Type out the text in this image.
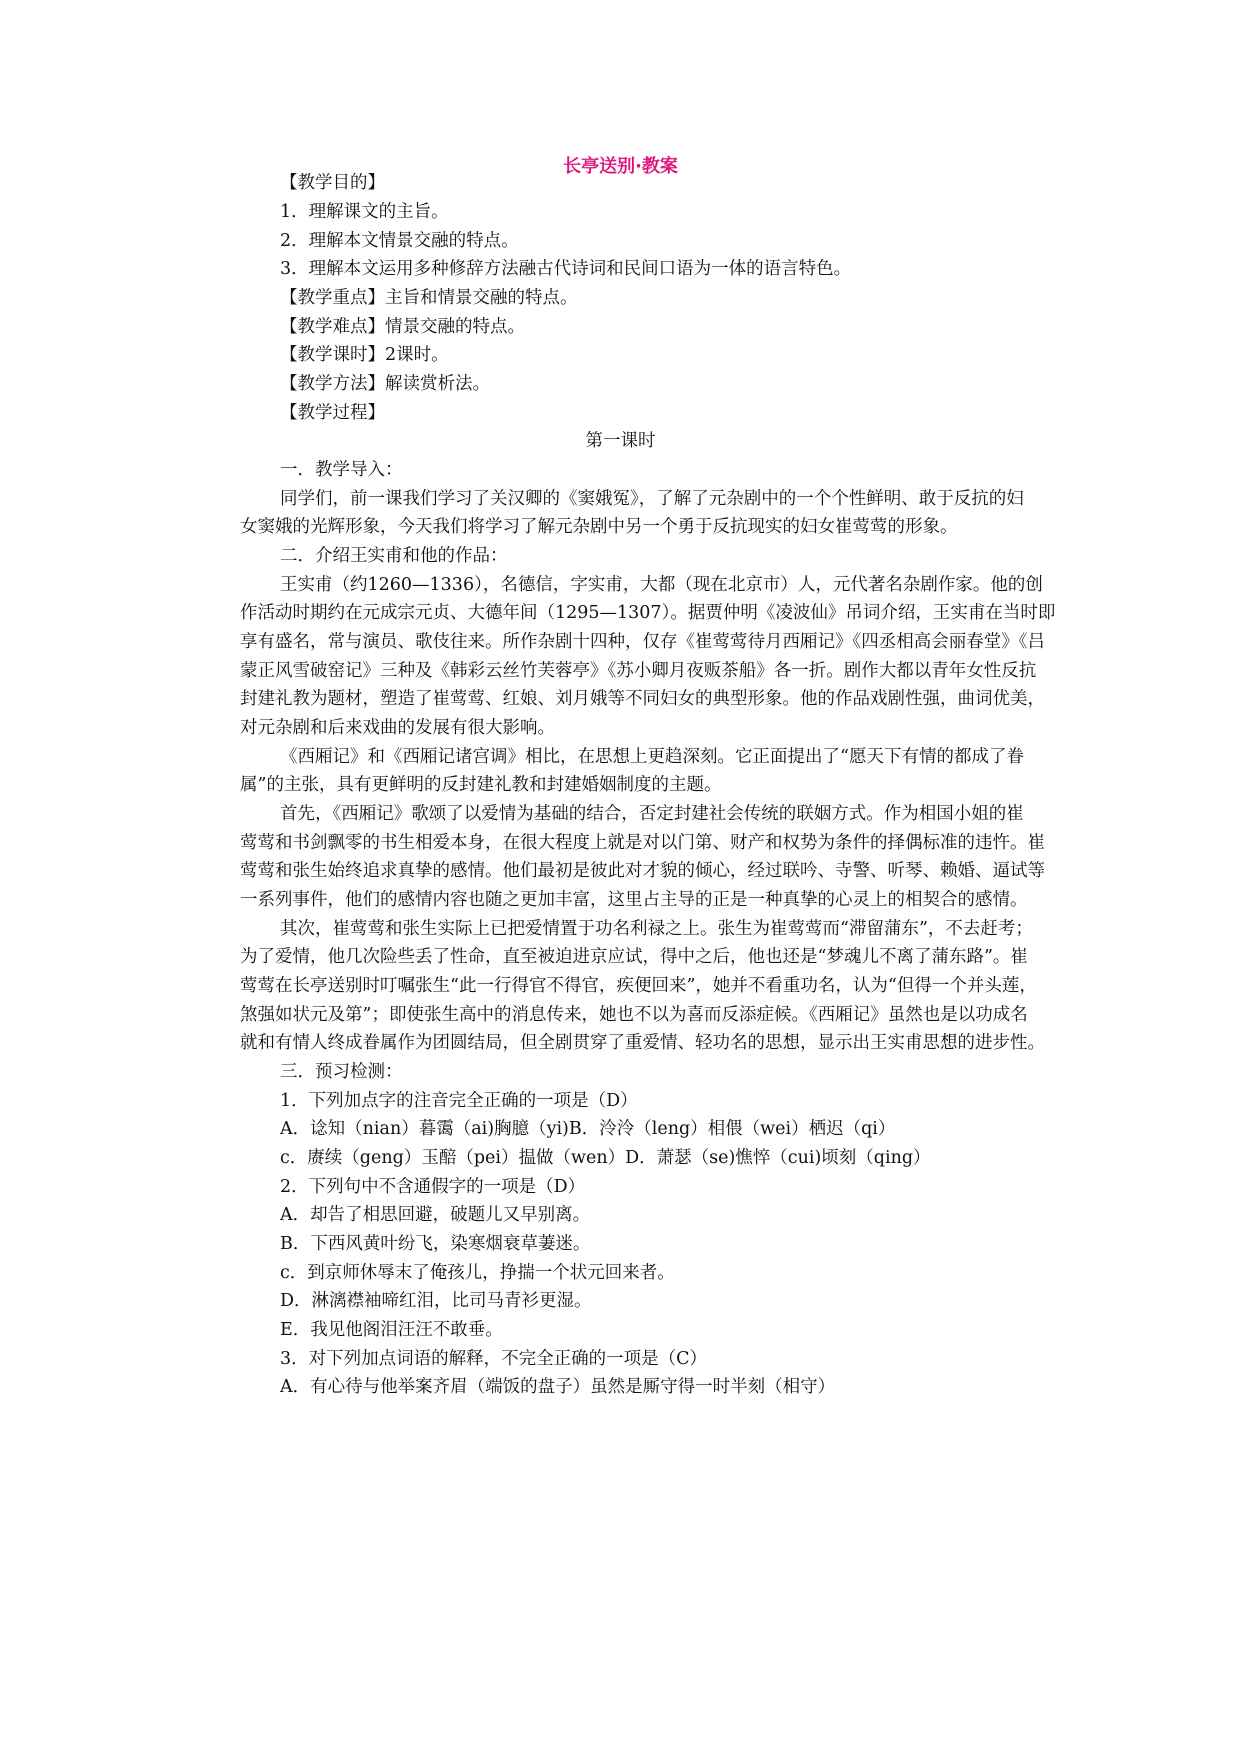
长亭送别·教案
【教学目的】
1．理解课文的主旨。
2．理解本文情景交融的特点。
3．理解本文运用多种修辞方法融古代诗词和民间口语为一体的语言特色。
【教学重点】主旨和情景交融的特点。
【教学难点】情景交融的特点。
【教学课时】2课时。
【教学方法】解读赏析法。
【教学过程】
第一课时
一．教学导入：
同学们，前一课我们学习了关汉卿的《窦娥冤》，了解了元杂剧中的一个个性鲜明、敢于反抗的妇
女窦娥的光辉形象，今天我们将学习了解元杂剧中另一个勇于反抗现实的妇女崔莺莺的形象。
二．介绍王实甫和他的作品：
王实甫（约1260—1336），名德信，字实甫，大都（现在北京市）人，元代著名杂剧作家。他的创
作活动时期约在元成宗元贞、大德年间（1295—1307）。据贾仲明《凌波仙》吊词介绍，王实甫在当时即
享有盛名，常与演员、歌伎往来。所作杂剧十四种，仅存《崔莺莺待月西厢记》《四丞相高会丽春堂》《吕
蒙正风雪破窑记》三种及《韩彩云丝竹芙蓉亭》《苏小卿月夜贩茶船》各一折。剧作大都以青年女性反抗
封建礼教为题材，塑造了崔莺莺、红娘、刘月娥等不同妇女的典型形象。他的作品戏剧性强，曲词优美，
对元杂剧和后来戏曲的发展有很大影响。
《西厢记》和《西厢记诸宫调》相比，在思想上更趋深刻。它正面提出了“愿天下有情的都成了眷
属”的主张，具有更鲜明的反封建礼教和封建婚姻制度的主题。
首先，《西厢记》歌颂了以爱情为基础的结合，否定封建社会传统的联姻方式。作为相国小姐的崔
莺莺和书剑飘零的书生相爱本身，在很大程度上就是对以门第、财产和权势为条件的择偶标准的违忤。崔
莺莺和张生始终追求真挚的感情。他们最初是彼此对才貌的倾心，经过联吟、寺警、听琴、赖婚、逼试等
一系列事件，他们的感情内容也随之更加丰富，这里占主导的正是一种真挚的心灵上的相契合的感情。
其次，崔莺莺和张生实际上已把爱情置于功名利禄之上。张生为崔莺莺而“滞留蒲东”，不去赶考；
为了爱情，他几次险些丢了性命，直至被迫进京应试，得中之后，他也还是“梦魂儿不离了蒲东路”。崔
莺莺在长亭送别时叮嘱张生“此一行得官不得官，疾便回来”，她并不看重功名，认为“但得一个并头莲，
煞强如状元及第”；即使张生高中的消息传来，她也不以为喜而反添症候。《西厢记》虽然也是以功成名
就和有情人终成眷属作为团圆结局，但全剧贯穿了重爱情、轻功名的思想，显示出王实甫思想的进步性。
三．预习检测：
1．下列加点字的注音完全正确的一项是（D）
A．谂知（nian）暮霭（ai)胸臆（yi)B．泠泠（leng）相偎（wei）栖迟（qi）
c．赓续（geng）玉醅（pei）揾做（wen）D．萧瑟（se)憔悴（cui)顷刻（qing）
2．下列句中不含通假字的一项是（D）
A．却告了相思回避，破题儿又早别离。
B．下西风黄叶纷飞，染寒烟衰草萋迷。
c．到京师休辱末了俺孩儿，挣揣一个状元回来者。
D．淋漓襟袖啼红泪，比司马青衫更湿。
E．我见他阁泪汪汪不敢垂。
3．对下列加点词语的解释，不完全正确的一项是（C）
A．有心待与他举案齐眉（端饭的盘子）虽然是厮守得一时半刻（相守）
